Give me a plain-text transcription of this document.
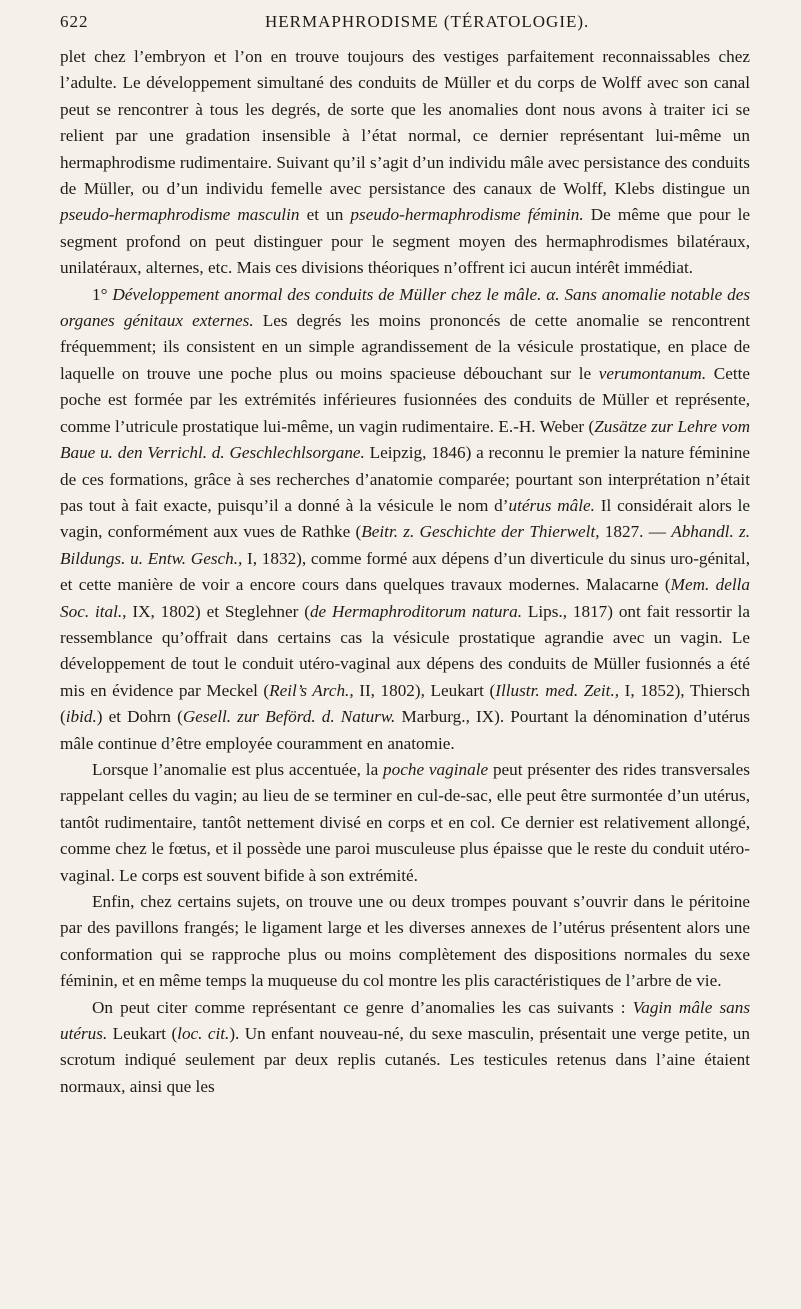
622	HERMAPHRODISME (TÉRATOLOGIE).

plet chez l’embryon et l’on en trouve toujours des vestiges parfaitement reconnaissables chez l’adulte. Le développement simultané des conduits de Müller et du corps de Wolff avec son canal peut se rencontrer à tous les degrés, de sorte que les anomalies dont nous avons à traiter ici se relient par une gradation insensible à l’état normal, ce dernier représentant lui-même un hermaphrodisme rudimentaire. Suivant qu’il s’agit d’un individu mâle avec persistance des conduits de Müller, ou d’un individu femelle avec persistance des canaux de Wolff, Klebs distingue un pseudo-hermaphrodisme masculin et un pseudo-hermaphrodisme féminin. De même que pour le segment profond on peut distinguer pour le segment moyen des hermaphrodismes bilatéraux, unilatéraux, alternes, etc. Mais ces divisions théoriques n’offrent ici aucun intérêt immédiat.

1° Développement anormal des conduits de Müller chez le mâle. α. Sans anomalie notable des organes génitaux externes. Les degrés les moins prononcés de cette anomalie se rencontrent fréquemment; ils consistent en un simple agrandissement de la vésicule prostatique, en place de laquelle on trouve une poche plus ou moins spacieuse débouchant sur le verumontanum. Cette poche est formée par les extrémités inférieures fusionnées des conduits de Müller et représente, comme l’utricule prostatique lui-même, un vagin rudimentaire. E.-H. Weber (Zusätze zur Lehre vom Baue u. den Verrichl. d. Geschlechlsorgane. Leipzig, 1846) a reconnu le premier la nature féminine de ces formations, grâce à ses recherches d’anatomie comparée; pourtant son interprétation n’était pas tout à fait exacte, puisqu’il a donné à la vésicule le nom d’utérus mâle. Il considérait alors le vagin, conformément aux vues de Rathke (Beitr. z. Geschichte der Thierwelt, 1827. — Abhandl. z. Bildungs. u. Entw. Gesch., I, 1832), comme formé aux dépens d’un diverticule du sinus uro-génital, et cette manière de voir a encore cours dans quelques travaux modernes. Malacarne (Mem. della Soc. ital., IX, 1802) et Steglehner (de Hermaphroditorum natura. Lips., 1817) ont fait ressortir la ressemblance qu’offrait dans certains cas la vésicule prostatique agrandie avec un vagin. Le développement de tout le conduit utéro-vaginal aux dépens des conduits de Müller fusionnés a été mis en évidence par Meckel (Reil’s Arch., II, 1802), Leukart (Illustr. med. Zeit., I, 1852), Thiersch (ibid.) et Dohrn (Gesell. zur Beförd. d. Naturw. Marburg., IX). Pourtant la dénomination d’utérus mâle continue d’être employée couramment en anatomie.

Lorsque l’anomalie est plus accentuée, la poche vaginale peut présenter des rides transversales rappelant celles du vagin; au lieu de se terminer en cul-de-sac, elle peut être surmontée d’un utérus, tantôt rudimentaire, tantôt nettement divisé en corps et en col. Ce dernier est relativement allongé, comme chez le fœtus, et il possède une paroi musculeuse plus épaisse que le reste du conduit utéro-vaginal. Le corps est souvent bifide à son extrémité.

Enfin, chez certains sujets, on trouve une ou deux trompes pouvant s’ouvrir dans le péritoine par des pavillons frangés; le ligament large et les diverses annexes de l’utérus présentent alors une conformation qui se rapproche plus ou moins complètement des dispositions normales du sexe féminin, et en même temps la muqueuse du col montre les plis caractéristiques de l’arbre de vie.

On peut citer comme représentant ce genre d’anomalies les cas suivants : Vagin mâle sans utérus. Leukart (loc. cit.). Un enfant nouveau-né, du sexe masculin, présentait une verge petite, un scrotum indiqué seulement par deux replis cutanés. Les testicules retenus dans l’aine étaient normaux, ainsi que les
